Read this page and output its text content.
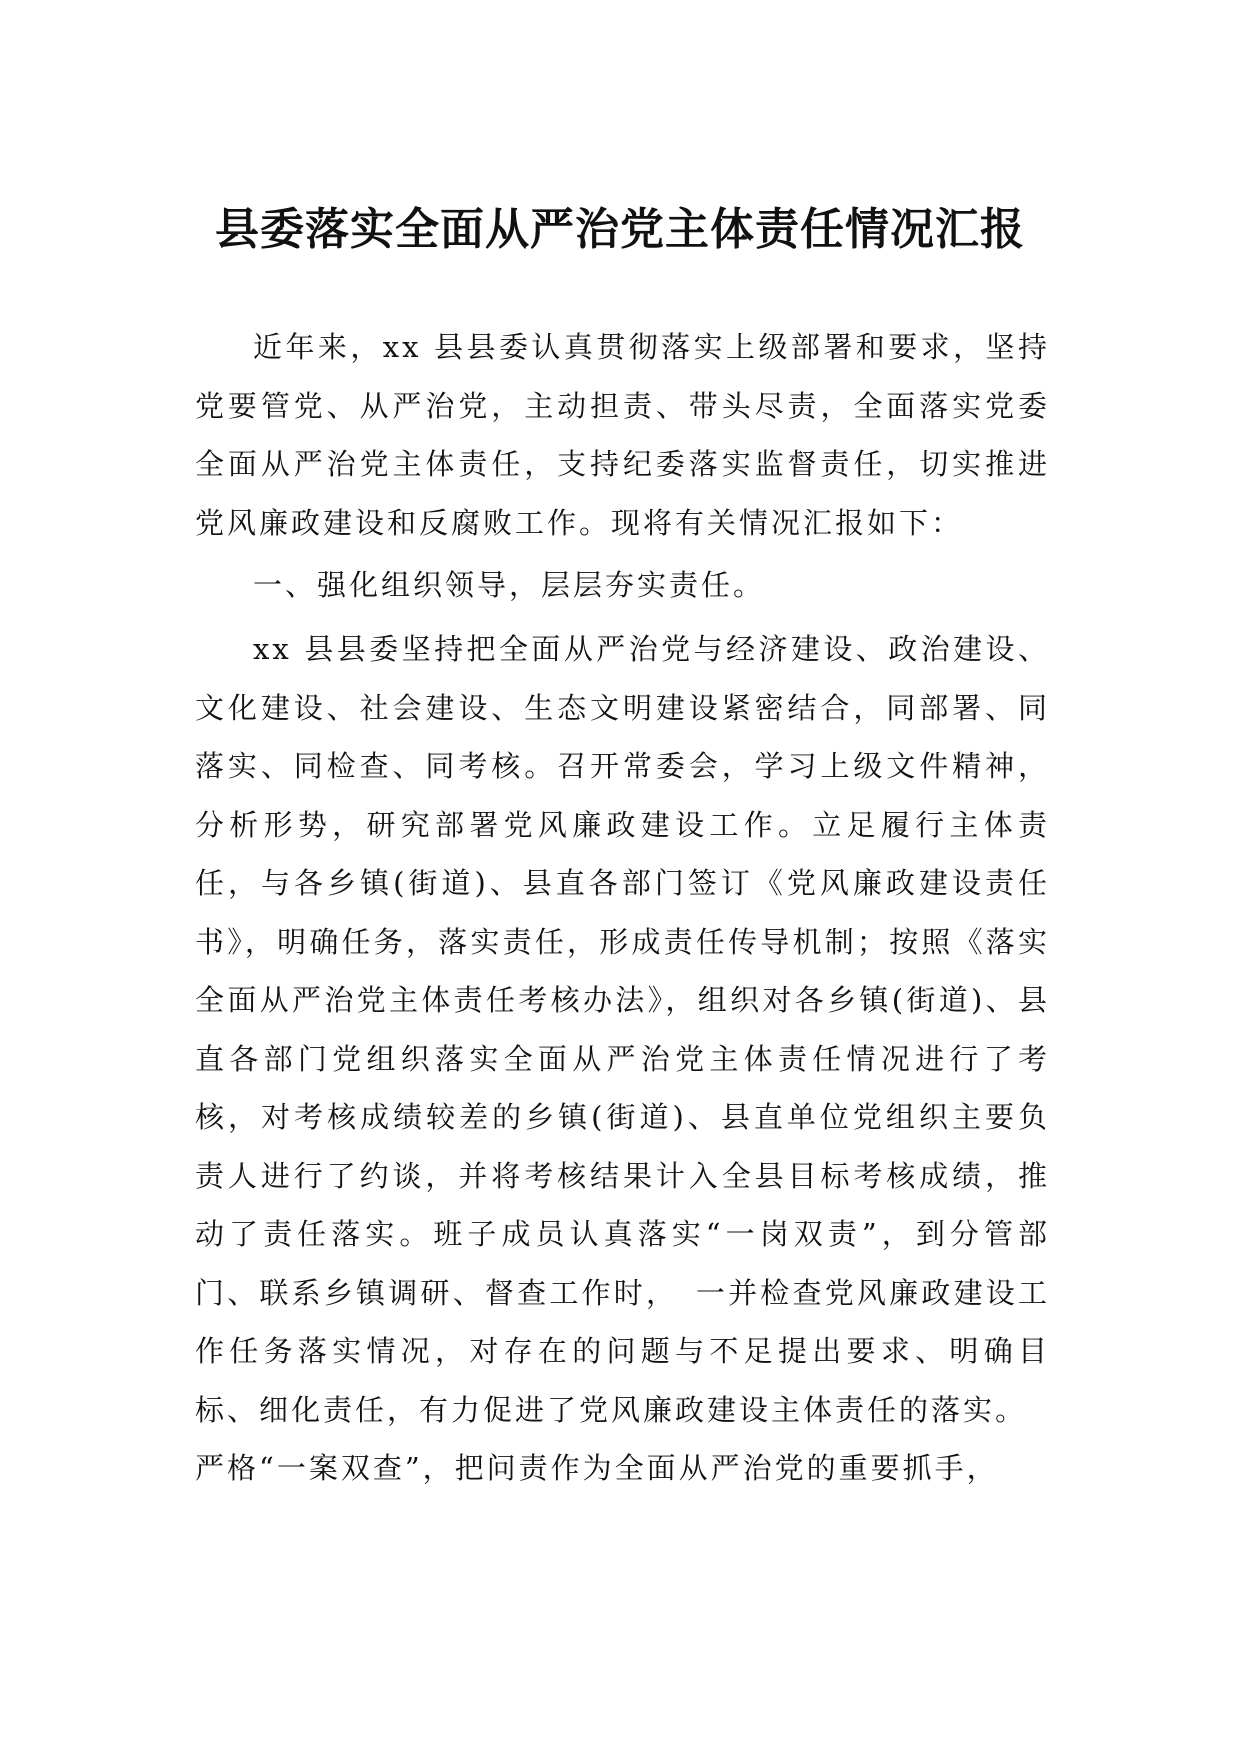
县委落实全面从严治党主体责任情况汇报

近年来，xx 县县委认真贯彻落实上级部署和要求，坚持党要管党、从严治党，主动担责、带头尽责，全面落实党委全面从严治党主体责任，支持纪委落实监督责任，切实推进党风廉政建设和反腐败工作。现将有关情况汇报如下：

一、强化组织领导，层层夯实责任。

xx 县县委坚持把全面从严治党与经济建设、政治建设、文化建设、社会建设、生态文明建设紧密结合，同部署、同落实、同检查、同考核。召开常委会，学习上级文件精神，分析形势，研究部署党风廉政建设工作。立足履行主体责任，与各乡镇(街道)、县直各部门签订《党风廉政建设责任书》，明确任务，落实责任，形成责任传导机制；按照《落实全面从严治党主体责任考核办法》，组织对各乡镇(街道)、县直各部门党组织落实全面从严治党主体责任情况进行了考核，对考核成绩较差的乡镇(街道)、县直单位党组织主要负责人进行了约谈，并将考核结果计入全县目标考核成绩，推动了责任落实。班子成员认真落实“一岗双责”，到分管部门、联系乡镇调研、督查工作时，　一并检查党风廉政建设工作任务落实情况，对存在的问题与不足提出要求、明确目标、细化责任，有力促进了党风廉政建设主体责任的落实。

严格“一案双查”，把问责作为全面从严治党的重要抓手，
